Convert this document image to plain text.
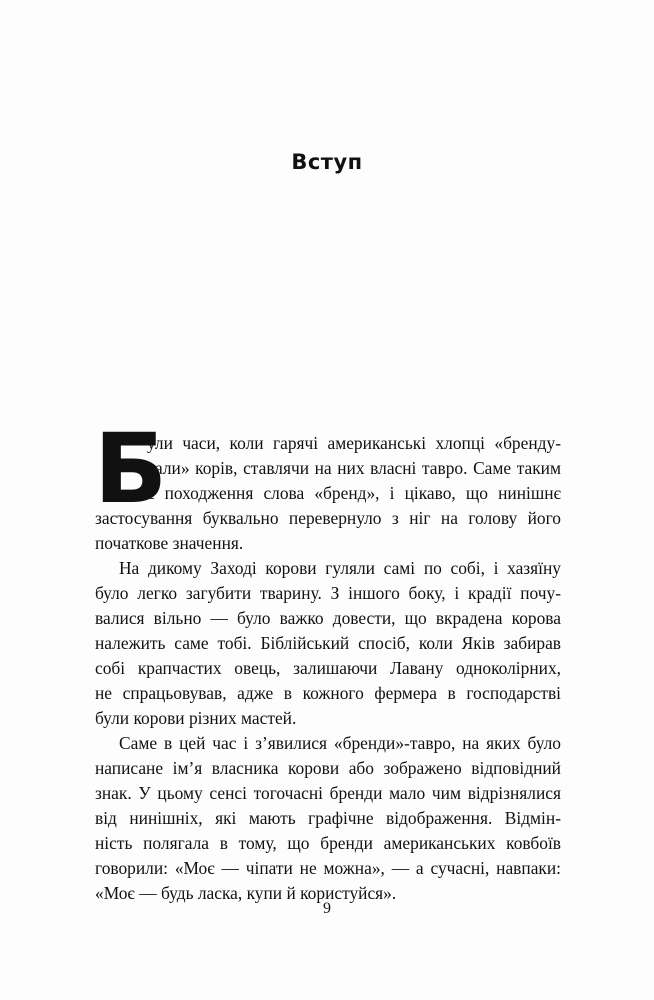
Вступ
Б
ули часи, коли гарячі американські хлопці «бренду-
вали» корів, ставлячи на них власні тавро. Саме таким
є походження слова «бренд», і цікаво, що нинішнє
застосування буквально перевернуло з ніг на голову його
початкове значення.
На дикому Заході корови гуляли самі по собі, і хазяїну
було легко загубити тварину. З іншого боку, і крадії почу-
валися вільно — було важко довести, що вкрадена корова
належить саме тобі. Біблійський спосіб, коли Яків забирав
собі крапчастих овець, залишаючи Лавану одноколірних,
не спрацьовував, адже в кожного фермера в господарстві
були корови різних мастей.
Саме в цей час і з’явилися «бренди»-тавро, на яких було
написане ім’я власника корови або зображено відповідний
знак. У цьому сенсі тогочасні бренди мало чим відрізнялися
від нинішніх, які мають графічне відображення. Відмін-
ність полягала в тому, що бренди американських ковбоїв
говорили: «Моє — чіпати не можна», — а сучасні, навпаки:
«Моє — будь ласка, купи й користуйся».
9
